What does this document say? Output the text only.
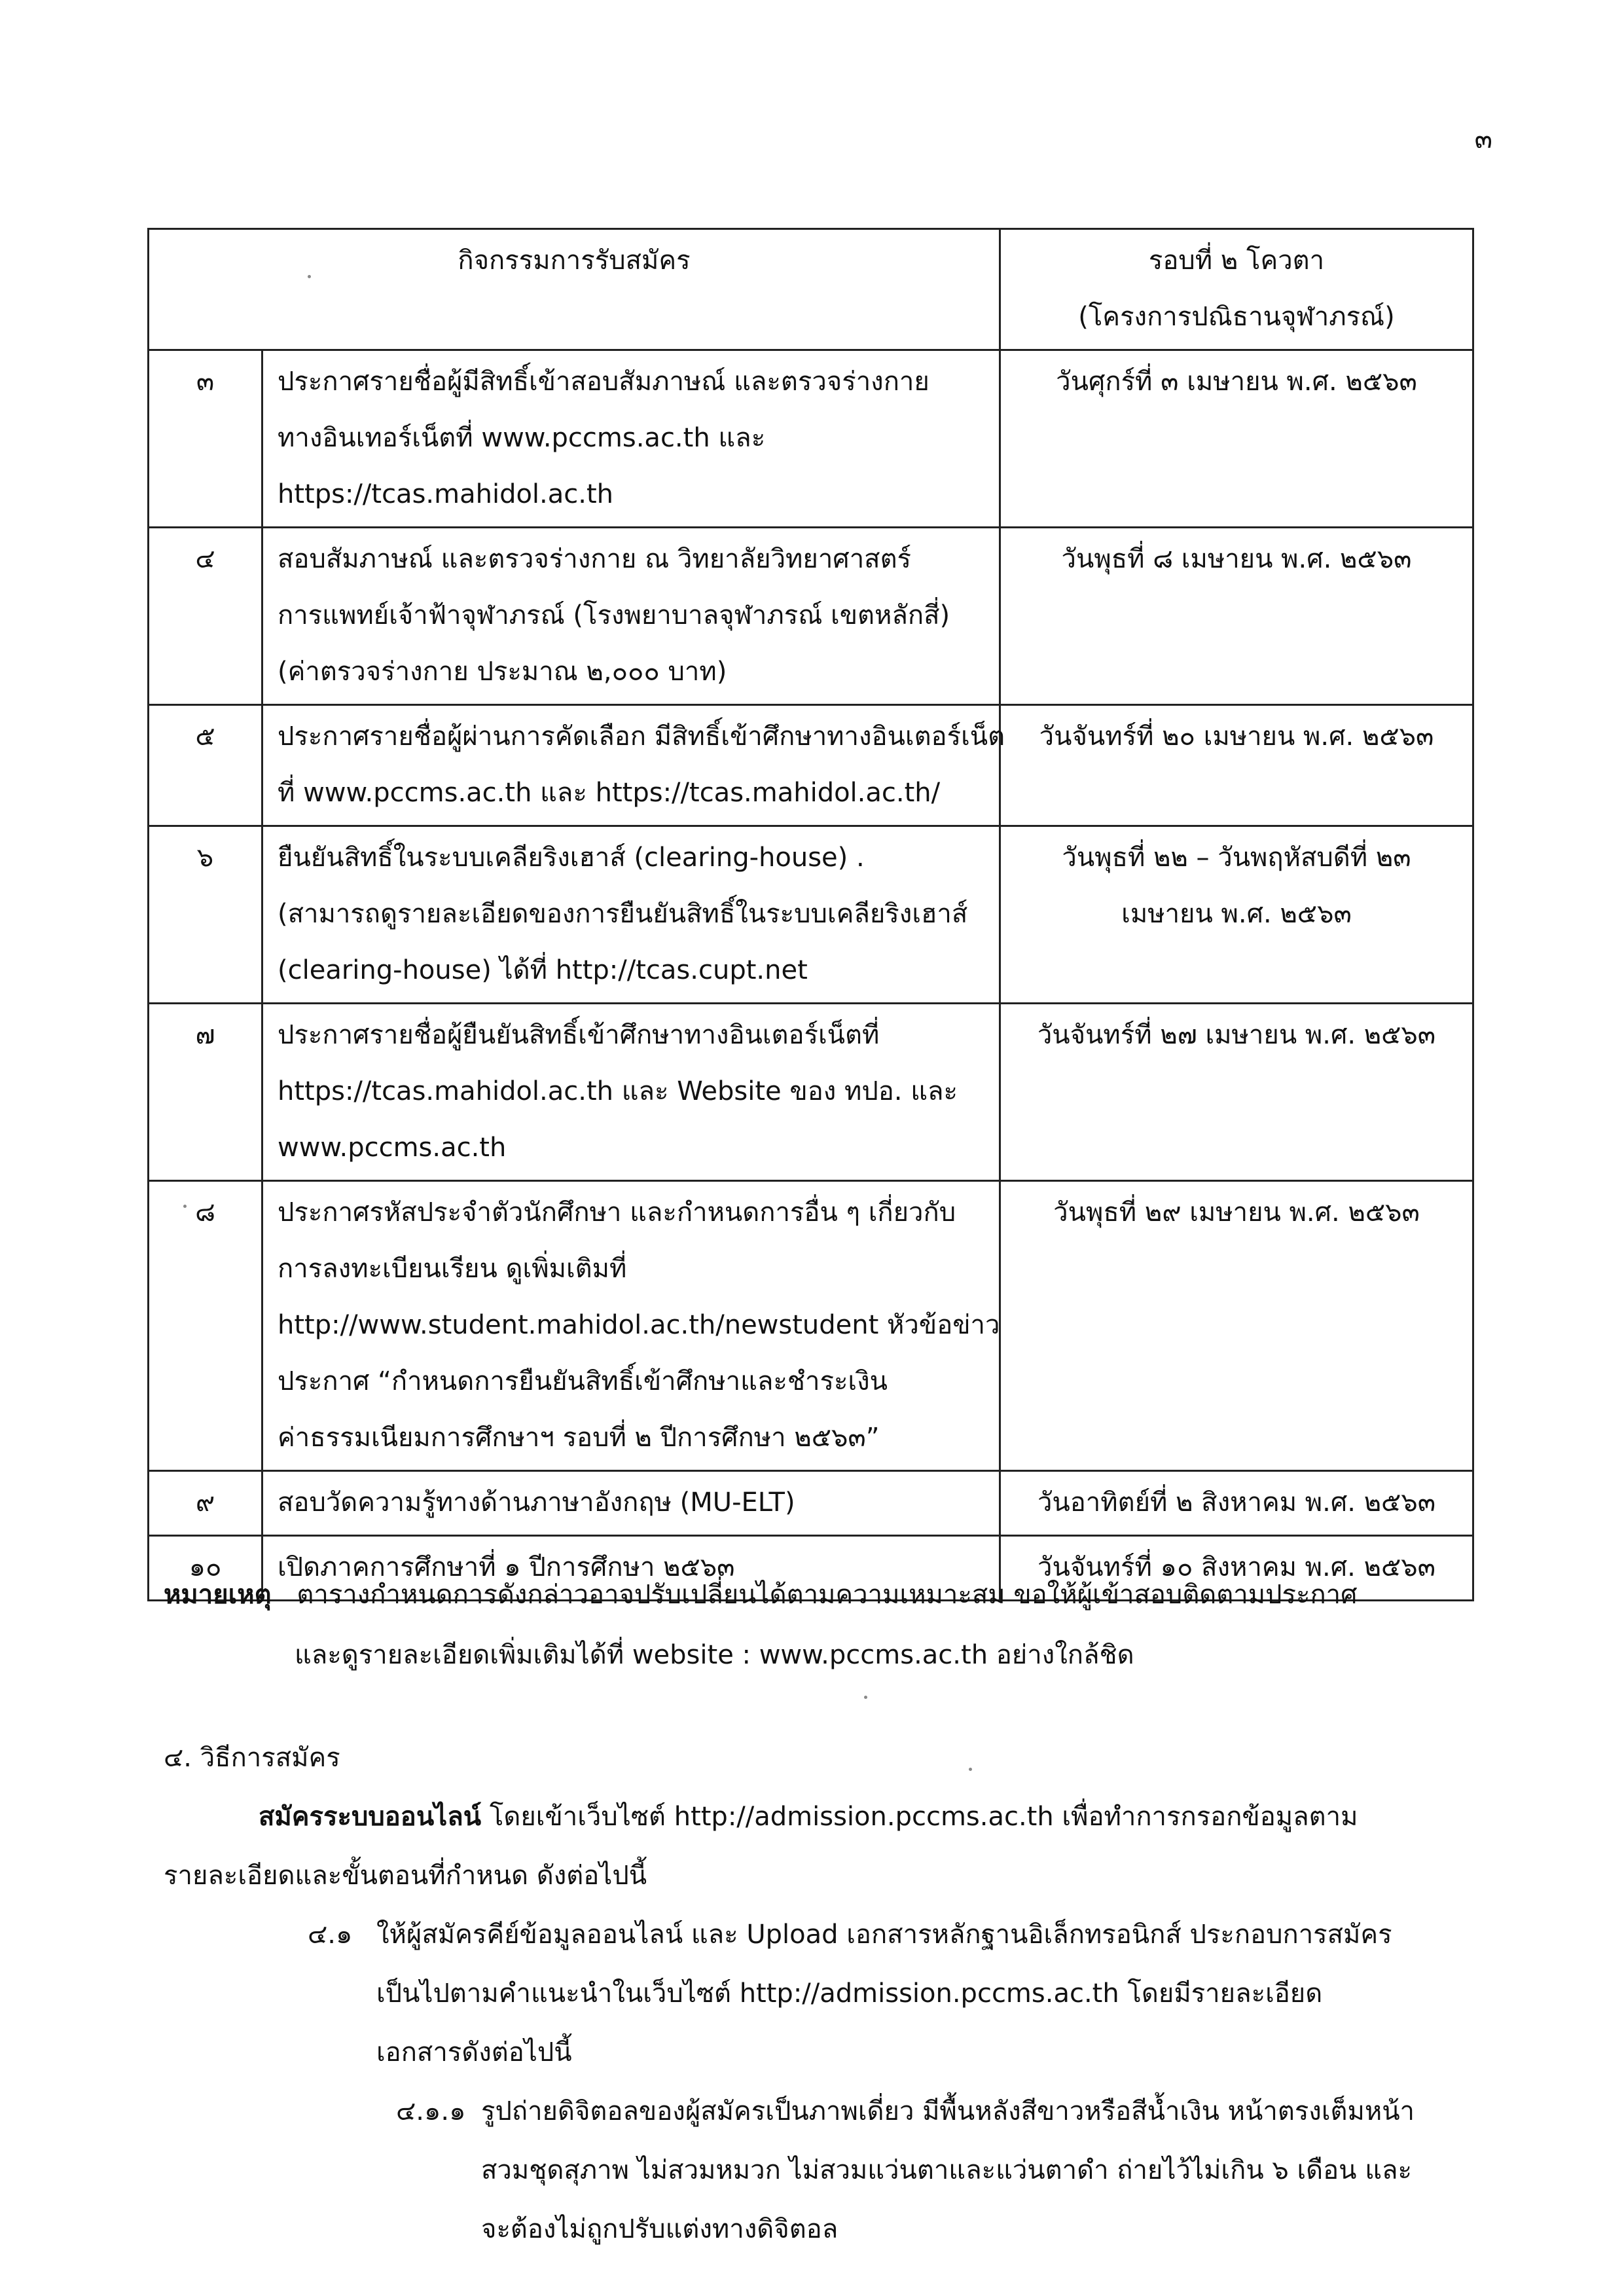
๓
กิจกรรมการรับสมัคร		รอบที่ ๒ โควตา
(โครงการปณิธานจุฬาภรณ์)

๓	ประกาศรายชื่อผู้มีสิทธิ์เข้าสอบสัมภาษณ์ และตรวจร่างกาย
ทางอินเทอร์เน็ตที่ www.pccms.ac.th และ
https://tcas.mahidol.ac.th	วันศุกร์ที่ ๓ เมษายน พ.ศ. ๒๕๖๓

๔	สอบสัมภาษณ์ และตรวจร่างกาย ณ วิทยาลัยวิทยาศาสตร์
การแพทย์เจ้าฟ้าจุฬาภรณ์ (โรงพยาบาลจุฬาภรณ์ เขตหลักสี่)
(ค่าตรวจร่างกาย ประมาณ ๒,๐๐๐ บาท)	วันพุธที่ ๘ เมษายน พ.ศ. ๒๕๖๓

๕	ประกาศรายชื่อผู้ผ่านการคัดเลือก มีสิทธิ์เข้าศึกษาทางอินเตอร์เน็ต
ที่ www.pccms.ac.th และ https://tcas.mahidol.ac.th/	วันจันทร์ที่ ๒๐ เมษายน พ.ศ. ๒๕๖๓

๖	ยืนยันสิทธิ์ในระบบเคลียริงเฮาส์ (clearing-house) .
(สามารถดูรายละเอียดของการยืนยันสิทธิ์ในระบบเคลียริงเฮาส์
(clearing-house) ได้ที่ http://tcas.cupt.net	วันพุธที่ ๒๒ – วันพฤหัสบดีที่ ๒๓
เมษายน พ.ศ. ๒๕๖๓

๗	ประกาศรายชื่อผู้ยืนยันสิทธิ์เข้าศึกษาทางอินเตอร์เน็ตที่
https://tcas.mahidol.ac.th และ Website ของ ทปอ. และ
www.pccms.ac.th	วันจันทร์ที่ ๒๗ เมษายน พ.ศ. ๒๕๖๓

๘	ประกาศรหัสประจำตัวนักศึกษา และกำหนดการอื่น ๆ เกี่ยวกับ
การลงทะเบียนเรียน ดูเพิ่มเติมที่
http://www.student.mahidol.ac.th/newstudent หัวข้อข่าว
ประกาศ “กำหนดการยืนยันสิทธิ์เข้าศึกษาและชำระเงิน
ค่าธรรมเนียมการศึกษาฯ รอบที่ ๒ ปีการศึกษา ๒๕๖๓”	วันพุธที่ ๒๙ เมษายน พ.ศ. ๒๕๖๓

๙	สอบวัดความรู้ทางด้านภาษาอังกฤษ (MU-ELT)	วันอาทิตย์ที่ ๒ สิงหาคม พ.ศ. ๒๕๖๓

๑๐	เปิดภาคการศึกษาที่ ๑ ปีการศึกษา ๒๕๖๓	วันจันทร์ที่ ๑๐ สิงหาคม พ.ศ. ๒๕๖๓
หมายเหตุ ตารางกำหนดการดังกล่าวอาจปรับเปลี่ยนได้ตามความเหมาะสม ขอให้ผู้เข้าสอบติดตามประกาศ
และดูรายละเอียดเพิ่มเติมได้ที่ website : www.pccms.ac.th อย่างใกล้ชิด
๔. วิธีการสมัคร

สมัครระบบออนไลน์ โดยเข้าเว็บไซต์ http://admission.pccms.ac.th เพื่อทำการกรอกข้อมูลตาม

รายละเอียดและขั้นตอนที่กำหนด ดังต่อไปนี้
๔.๑ ให้ผู้สมัครคีย์ข้อมูลออนไลน์ และ Upload เอกสารหลักฐานอิเล็กทรอนิกส์ ประกอบการสมัคร
เป็นไปตามคำแนะนำในเว็บไซต์ http://admission.pccms.ac.th โดยมีรายละเอียด
เอกสารดังต่อไปนี้
๔.๑.๑ รูปถ่ายดิจิตอลของผู้สมัครเป็นภาพเดี่ยว มีพื้นหลังสีขาวหรือสีน้ำเงิน หน้าตรงเต็มหน้า
สวมชุดสุภาพ ไม่สวมหมวก ไม่สวมแว่นตาและแว่นตาดำ ถ่ายไว้ไม่เกิน ๖ เดือน และ
จะต้องไม่ถูกปรับแต่งทางดิจิตอล
